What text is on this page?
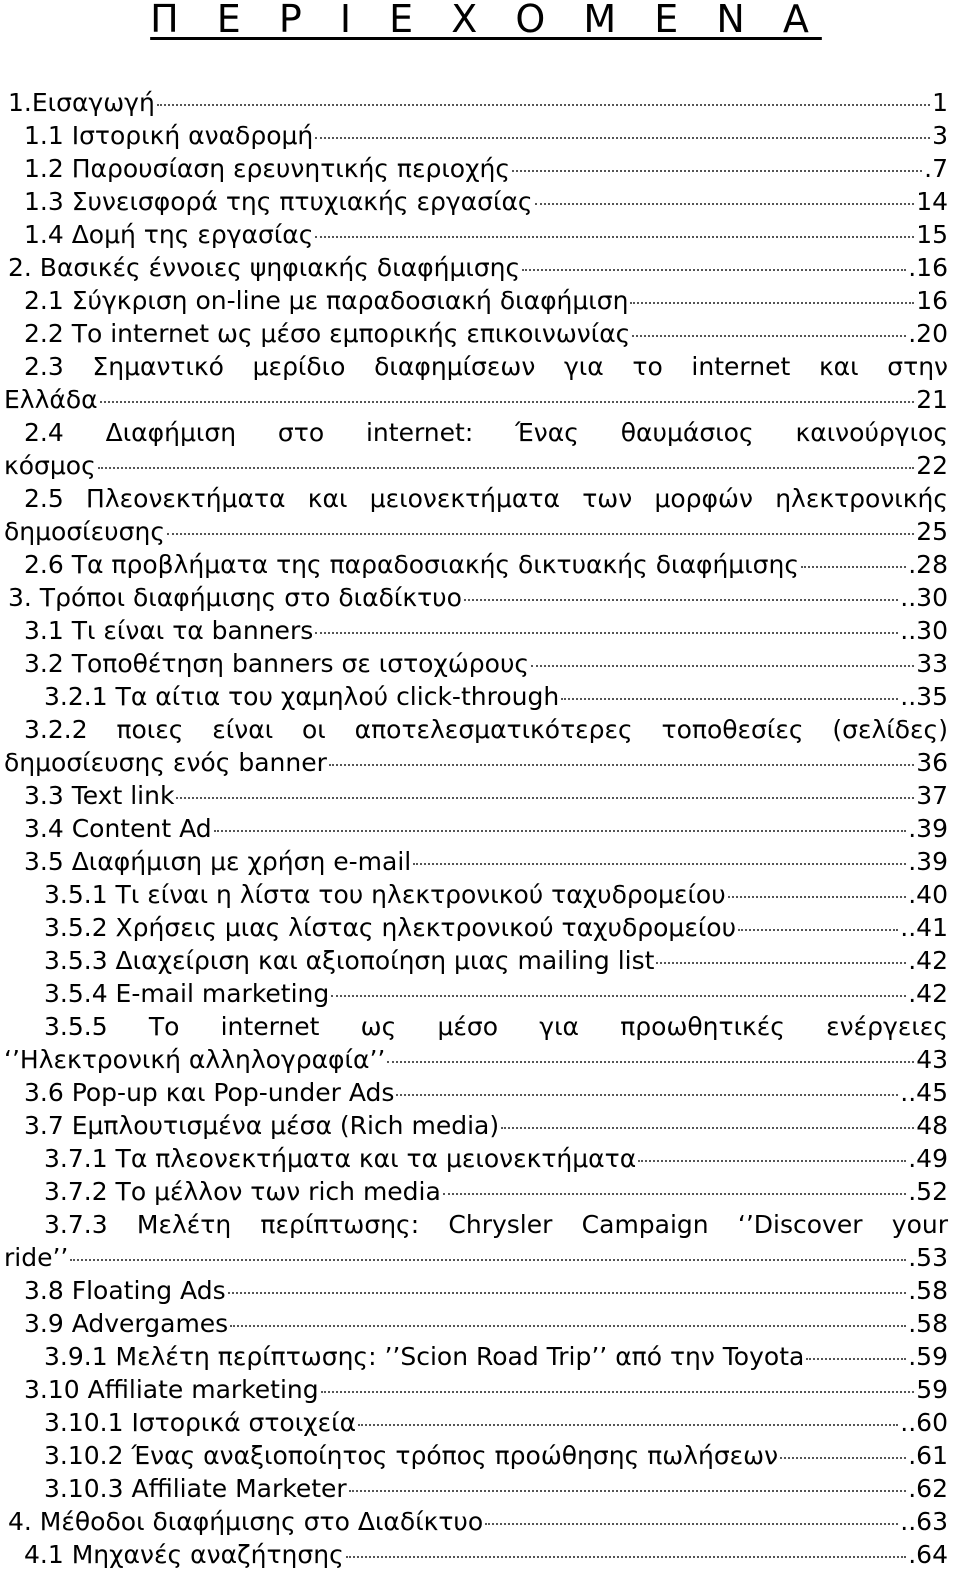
Π Ε Ρ Ι Ε Χ Ο Μ Ε Ν Α
1.Εισαγωγή	1
1.1 Ιστορική αναδρομή	3
1.2 Παρουσίαση ερευνητικής περιοχής	.7
1.3 Συνεισφορά της πτυχιακής εργασίας	14
1.4 Δομή της εργασίας	15
2. Βασικές έννοιες ψηφιακής διαφήμισης	.16
2.1 Σύγκριση on-line με παραδοσιακή διαφήμιση	16
2.2 Το internet ως μέσο εμπορικής επικοινωνίας	.20
2.3 Σημαντικό μερίδιο διαφημίσεων για το internet και στην
Ελλάδα	21
2.4 Διαφήμιση στο internet: Ένας θαυμάσιος καινούργιος
κόσμος	22
2.5 Πλεονεκτήματα και μειονεκτήματα των μορφών ηλεκτρονικής
δημοσίευσης	25
2.6 Τα προβλήματα της παραδοσιακής δικτυακής διαφήμισης	.28
3. Τρόποι διαφήμισης στο διαδίκτυο	..30
3.1 Τι είναι τα banners	..30
3.2 Τοποθέτηση banners σε ιστοχώρους	33
3.2.1 Τα αίτια του χαμηλού click-through	..35
3.2.2 ποιες είναι οι αποτελεσματικότερες τοποθεσίες (σελίδες)
δημοσίευσης ενός banner	36
3.3 Text link	37
3.4 Content Ad	.39
3.5 Διαφήμιση με χρήση e-mail	.39
3.5.1 Τι είναι η λίστα του ηλεκτρονικού ταχυδρομείου	.40
3.5.2 Χρήσεις μιας λίστας ηλεκτρονικού ταχυδρομείου	..41
3.5.3 Διαχείριση και αξιοποίηση μιας mailing list	.42
3.5.4 E-mail marketing	.42
3.5.5 Το internet ως μέσο για προωθητικές ενέργειες
‘’Ηλεκτρονική αλληλογραφία’’	43
3.6 Pop-up και Pop-under Ads	..45
3.7 Εμπλουτισμένα μέσα (Rich media)	48
3.7.1 Τα πλεονεκτήματα και τα μειονεκτήματα	.49
3.7.2 Το μέλλον των rich media	.52
3.7.3 Μελέτη περίπτωσης: Chrysler Campaign ‘’Discover your
ride’’	.53
3.8 Floating Ads	.58
3.9 Advergames	.58
3.9.1 Μελέτη περίπτωσης: ’’Scion Road Trip’’ από την Toyota	.59
3.10 Affiliate marketing	59
3.10.1 Ιστορικά στοιχεία	..60
3.10.2 Ένας αναξιοποίητος τρόπος προώθησης πωλήσεων	.61
3.10.3 Affiliate Marketer	.62
4. Μέθοδοι διαφήμισης στο Διαδίκτυο	..63
4.1 Μηχανές αναζήτησης	.64
